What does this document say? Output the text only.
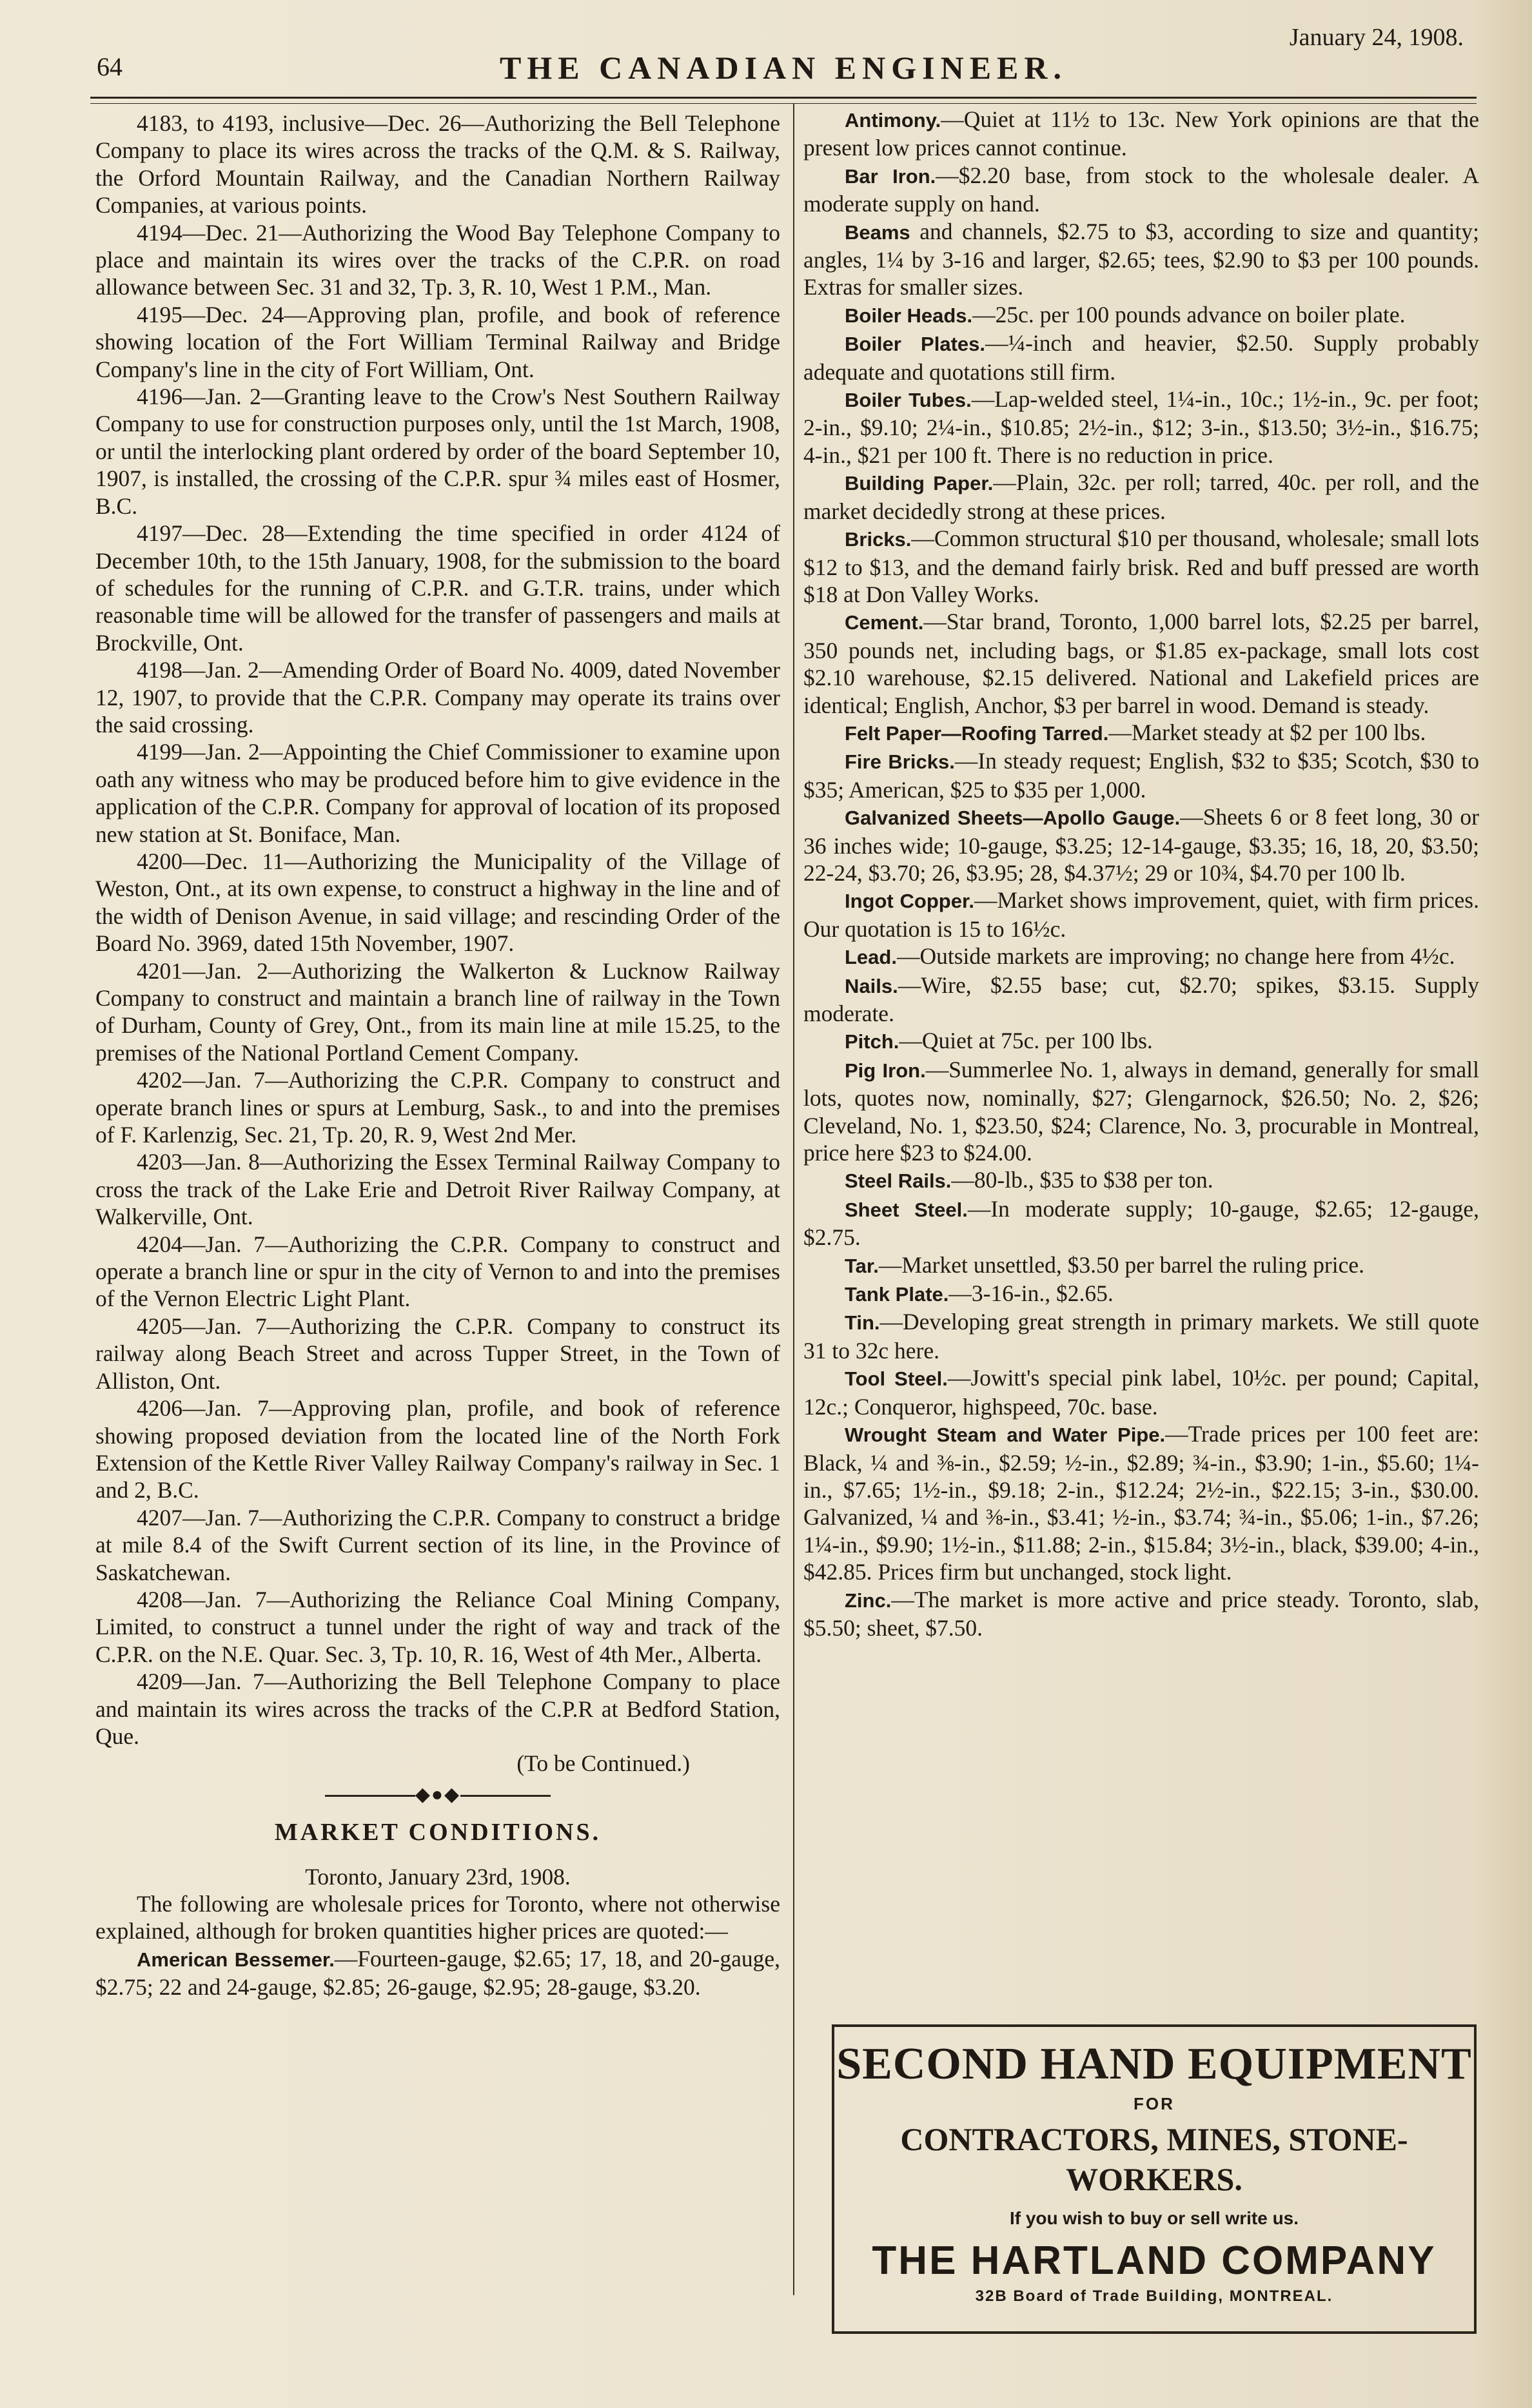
64	THE CANADIAN ENGINEER.
January 24, 1908.

4183, to 4193, inclusive—Dec. 26—Authorizing the Bell Telephone Company to place its wires across the tracks of the Q.M. & S. Railway, the Orford Mountain Railway, and the Canadian Northern Railway Companies, at various points.

4194—Dec. 21—Authorizing the Wood Bay Telephone Company to place and maintain its wires over the tracks of the C.P.R. on road allowance between Sec. 31 and 32, Tp. 3, R. 10, West 1 P.M., Man.

4195—Dec. 24—Approving plan, profile, and book of reference showing location of the Fort William Terminal Railway and Bridge Company's line in the city of Fort William, Ont.

4196—Jan. 2—Granting leave to the Crow's Nest Southern Railway Company to use for construction purposes only, until the 1st March, 1908, or until the interlocking plant ordered by order of the board September 10, 1907, is installed, the crossing of the C.P.R. spur ¾ miles east of Hosmer, B.C.

4197—Dec. 28—Extending the time specified in order 4124 of December 10th, to the 15th January, 1908, for the submission to the board of schedules for the running of C.P.R. and G.T.R. trains, under which reasonable time will be allowed for the transfer of passengers and mails at Brockville, Ont.

4198—Jan. 2—Amending Order of Board No. 4009, dated November 12, 1907, to provide that the C.P.R. Company may operate its trains over the said crossing.

4199—Jan. 2—Appointing the Chief Commissioner to examine upon oath any witness who may be produced before him to give evidence in the application of the C.P.R. Company for approval of location of its proposed new station at St. Boniface, Man.

4200—Dec. 11—Authorizing the Municipality of the Village of Weston, Ont., at its own expense, to construct a highway in the line and of the width of Denison Avenue, in said village; and rescinding Order of the Board No. 3969, dated 15th November, 1907.

4201—Jan. 2—Authorizing the Walkerton & Lucknow Railway Company to construct and maintain a branch line of railway in the Town of Durham, County of Grey, Ont., from its main line at mile 15.25, to the premises of the National Portland Cement Company.

4202—Jan. 7—Authorizing the C.P.R. Company to construct and operate branch lines or spurs at Lemburg, Sask., to and into the premises of F. Karlenzig, Sec. 21, Tp. 20, R. 9, West 2nd Mer.

4203—Jan. 8—Authorizing the Essex Terminal Railway Company to cross the track of the Lake Erie and Detroit River Railway Company, at Walkerville, Ont.

4204—Jan. 7—Authorizing the C.P.R. Company to construct and operate a branch line or spur in the city of Vernon to and into the premises of the Vernon Electric Light Plant.

4205—Jan. 7—Authorizing the C.P.R. Company to construct its railway along Beach Street and across Tupper Street, in the Town of Alliston, Ont.

4206—Jan. 7—Approving plan, profile, and book of reference showing proposed deviation from the located line of the North Fork Extension of the Kettle River Valley Railway Company's railway in Sec. 1 and 2, B.C.

4207—Jan. 7—Authorizing the C.P.R. Company to construct a bridge at mile 8.4 of the Swift Current section of its line, in the Province of Saskatchewan.

4208—Jan. 7—Authorizing the Reliance Coal Mining Company, Limited, to construct a tunnel under the right of way and track of the C.P.R. on the N.E. Quar. Sec. 3, Tp. 10, R. 16, West of 4th Mer., Alberta.

4209—Jan. 7—Authorizing the Bell Telephone Company to place and maintain its wires across the tracks of the C.P.R at Bedford Station, Que.

(To be Continued.)

◆●◆
MARKET CONDITIONS.

Toronto, January 23rd, 1908.

The following are wholesale prices for Toronto, where not otherwise explained, although for broken quantities higher prices are quoted:—

American Bessemer.—Fourteen-gauge, $2.65; 17, 18, and 20-gauge, $2.75; 22 and 24-gauge, $2.85; 26-gauge, $2.95; 28-gauge, $3.20.

Antimony.—Quiet at 11½ to 13c. New York opinions are that the present low prices cannot continue.

Bar Iron.—$2.20 base, from stock to the wholesale dealer. A moderate supply on hand.

Beams and channels, $2.75 to $3, according to size and quantity; angles, 1¼ by 3-16 and larger, $2.65; tees, $2.90 to $3 per 100 pounds. Extras for smaller sizes.

Boiler Heads.—25c. per 100 pounds advance on boiler plate.

Boiler Plates.—¼-inch and heavier, $2.50. Supply probably adequate and quotations still firm.

Boiler Tubes.—Lap-welded steel, 1¼-in., 10c.; 1½-in., 9c. per foot; 2-in., $9.10; 2¼-in., $10.85; 2½-in., $12; 3-in., $13.50; 3½-in., $16.75; 4-in., $21 per 100 ft. There is no reduction in price.

Building Paper.—Plain, 32c. per roll; tarred, 40c. per roll, and the market decidedly strong at these prices.

Bricks.—Common structural $10 per thousand, wholesale; small lots $12 to $13, and the demand fairly brisk. Red and buff pressed are worth $18 at Don Valley Works.

Cement.—Star brand, Toronto, 1,000 barrel lots, $2.25 per barrel, 350 pounds net, including bags, or $1.85 ex-package, small lots cost $2.10 warehouse, $2.15 delivered. National and Lakefield prices are identical; English, Anchor, $3 per barrel in wood. Demand is steady.

Felt Paper—Roofing Tarred.—Market steady at $2 per 100 lbs.

Fire Bricks.—In steady request; English, $32 to $35; Scotch, $30 to $35; American, $25 to $35 per 1,000.

Galvanized Sheets—Apollo Gauge.—Sheets 6 or 8 feet long, 30 or 36 inches wide; 10-gauge, $3.25; 12-14-gauge, $3.35; 16, 18, 20, $3.50; 22-24, $3.70; 26, $3.95; 28, $4.37½; 29 or 10¾, $4.70 per 100 lb.

Ingot Copper.—Market shows improvement, quiet, with firm prices. Our quotation is 15 to 16½c.

Lead.—Outside markets are improving; no change here from 4½c.

Nails.—Wire, $2.55 base; cut, $2.70; spikes, $3.15. Supply moderate.

Pitch.—Quiet at 75c. per 100 lbs.

Pig Iron.—Summerlee No. 1, always in demand, generally for small lots, quotes now, nominally, $27; Glengarnock, $26.50; No. 2, $26; Cleveland, No. 1, $23.50, $24; Clarence, No. 3, procurable in Montreal, price here $23 to $24.00.

Steel Rails.—80-lb., $35 to $38 per ton.

Sheet Steel.—In moderate supply; 10-gauge, $2.65; 12-gauge, $2.75.

Tar.—Market unsettled, $3.50 per barrel the ruling price.

Tank Plate.—3-16-in., $2.65.

Tin.—Developing great strength in primary markets. We still quote 31 to 32c here.

Tool Steel.—Jowitt's special pink label, 10½c. per pound; Capital, 12c.; Conqueror, highspeed, 70c. base.

Wrought Steam and Water Pipe.—Trade prices per 100 feet are: Black, ¼ and ⅜-in., $2.59; ½-in., $2.89; ¾-in., $3.90; 1-in., $5.60; 1¼-in., $7.65; 1½-in., $9.18; 2-in., $12.24; 2½-in., $22.15; 3-in., $30.00. Galvanized, ¼ and ⅜-in., $3.41; ½-in., $3.74; ¾-in., $5.06; 1-in., $7.26; 1¼-in., $9.90; 1½-in., $11.88; 2-in., $15.84; 3½-in., black, $39.00; 4-in., $42.85. Prices firm but unchanged, stock light.

Zinc.—The market is more active and price steady. Toronto, slab, $5.50; sheet, $7.50.

SECOND HAND EQUIPMENT
FOR
CONTRACTORS, MINES, STONE-WORKERS.
If you wish to buy or sell write us.
THE HARTLAND COMPANY
32B Board of Trade Building, MONTREAL.
